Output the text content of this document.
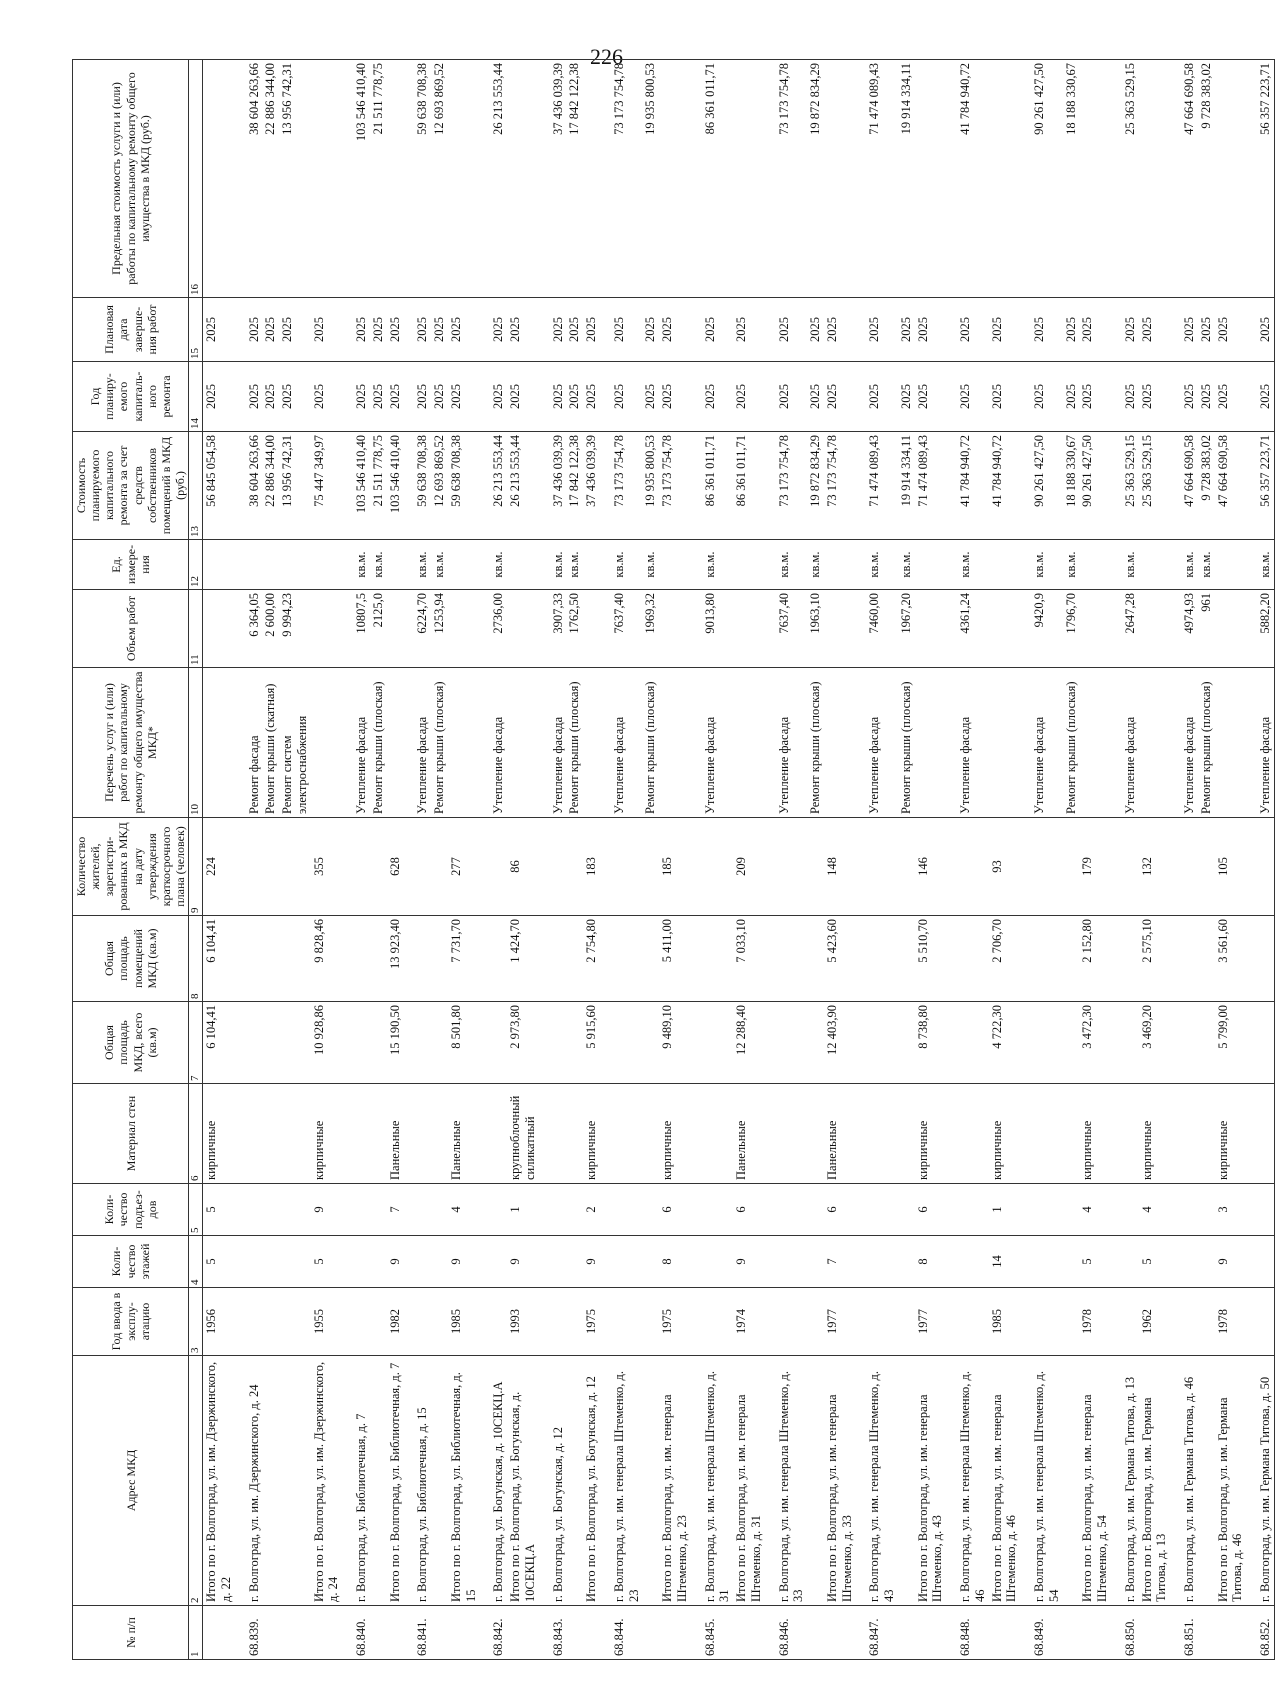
226
№ п/п	Адрес МКД	Год ввода в эксплу-атацию	Коли-чество этажей	Коли-чество подъез-дов	Материал стен	Общая площадь МКД, всего (кв.м)	Общая площадь помещений МКД (кв.м)	Количество жителей, зарегистри-рованных в МКД на дату утверждения краткосрочного плана (человек)	Перечень услуг и (или) работ по капитальному ремонту общего имущества МКД*	Объем работ	Ед. измере-ния	Стоимость планируемого капитального ремонта за счет средств собственников помещений в МКД (руб.)	Год планиру-емого капиталь-ного ремонта	Плановая дата заверше-ния работ	Предельная стоимость услуги и (или) работы по капитальному ремонту общего имущества в МКД (руб.)
1	2	3	4	5	6	7	8	9	10	11	12	13	14	15	16
	Итого по г. Волгоград, ул. им. Дзержинского, д. 22	1956	5	5	кирпичные	6 104,41	6 104,41	224				56 845 054,58	2025	2025	
68.839.	г. Волгоград, ул. им. Дзержинского, д. 24								Ремонт фасада	6 364,05		38 604 263,66	2025	2025	38 604 263,66
									Ремонт крыши (скатная)	2 600,00		22 886 344,00	2025	2025	22 886 344,00
									Ремонт систем электроснабжения	9 994,23		13 956 742,31	2025	2025	13 956 742,31
	Итого по г. Волгоград, ул. им. Дзержинского, д. 24	1955	5	9	кирпичные	10 928,86	9 828,46	355				75 447 349,97	2025	2025	
68.840.	г. Волгоград, ул. Библиотечная, д. 7								Утепление фасада	10807,5	кв.м.	103 546 410,40	2025	2025	103 546 410,40
									Ремонт крыши (плоская)	2125,0	кв.м.	21 511 778,75	2025	2025	21 511 778,75
	Итого по г. Волгоград, ул. Библиотечная, д. 7	1982	9	7	Панельные	15 190,50	13 923,40	628				103 546 410,40	2025	2025	
68.841.	г. Волгоград, ул. Библиотечная, д. 15								Утепление фасада	6224,70	кв.м.	59 638 708,38	2025	2025	59 638 708,38
									Ремонт крыши (плоская)	1253,94	кв.м.	12 693 869,52	2025	2025	12 693 869,52
	Итого по г. Волгоград, ул. Библиотечная, д. 15	1985	9	4	Панельные	8 501,80	7 731,70	277				59 638 708,38	2025	2025	
68.842.	г. Волгоград, ул. Богунская, д. 10СЕКЦ.А								Утепление фасада	2736,00	кв.м.	26 213 553,44	2025	2025	26 213 553,44
	Итого по г. Волгоград, ул. Богунская, д. 10СЕКЦ.А	1993	9	1	крупноблочный силикатный	2 973,80	1 424,70	86				26 213 553,44	2025	2025	
68.843.	г. Волгоград, ул. Богунская, д. 12								Утепление фасада	3907,33	кв.м.	37 436 039,39	2025	2025	37 436 039,39
									Ремонт крыши (плоская)	1762,50	кв.м.	17 842 122,38	2025	2025	17 842 122,38
	Итого по г. Волгоград, ул. Богунская, д. 12	1975	9	2	кирпичные	5 915,60	2 754,80	183				37 436 039,39	2025	2025	
68.844.	г. Волгоград, ул. им. генерала Штеменко, д. 23								Утепление фасада	7637,40	кв.м.	73 173 754,78	2025	2025	73 173 754,78
									Ремонт крыши (плоская)	1969,32	кв.м.	19 935 800,53	2025	2025	19 935 800,53
	Итого по г. Волгоград, ул. им. генерала Штеменко, д. 23	1975	8	6	кирпичные	9 489,10	5 411,00	185				73 173 754,78	2025	2025	
68.845.	г. Волгоград, ул. им. генерала Штеменко, д. 31								Утепление фасада	9013,80	кв.м.	86 361 011,71	2025	2025	86 361 011,71
	Итого по г. Волгоград, ул. им. генерала Штеменко, д. 31	1974	9	6	Панельные	12 288,40	7 033,10	209				86 361 011,71	2025	2025	
68.846.	г. Волгоград, ул. им. генерала Штеменко, д. 33								Утепление фасада	7637,40	кв.м.	73 173 754,78	2025	2025	73 173 754,78
									Ремонт крыши (плоская)	1963,10	кв.м.	19 872 834,29	2025	2025	19 872 834,29
	Итого по г. Волгоград, ул. им. генерала Штеменко, д. 33	1977	7	6	Панельные	12 403,90	5 423,60	148				73 173 754,78	2025	2025	
68.847.	г. Волгоград, ул. им. генерала Штеменко, д. 43								Утепление фасада	7460,00	кв.м.	71 474 089,43	2025	2025	71 474 089,43
									Ремонт крыши (плоская)	1967,20	кв.м.	19 914 334,11	2025	2025	19 914 334,11
	Итого по г. Волгоград, ул. им. генерала Штеменко, д. 43	1977	8	6	кирпичные	8 738,80	5 510,70	146				71 474 089,43	2025	2025	
68.848.	г. Волгоград, ул. им. генерала Штеменко, д. 46								Утепление фасада	4361,24	кв.м.	41 784 940,72	2025	2025	41 784 940,72
	Итого по г. Волгоград, ул. им. генерала Штеменко, д. 46	1985	14	1	кирпичные	4 722,30	2 706,70	93				41 784 940,72	2025	2025	
68.849.	г. Волгоград, ул. им. генерала Штеменко, д. 54								Утепление фасада	9420,9	кв.м.	90 261 427,50	2025	2025	90 261 427,50
									Ремонт крыши (плоская)	1796,70	кв.м.	18 188 330,67	2025	2025	18 188 330,67
	Итого по г. Волгоград, ул. им. генерала Штеменко, д. 54	1978	5	4	кирпичные	3 472,30	2 152,80	179				90 261 427,50	2025	2025	
68.850.	г. Волгоград, ул. им. Германа Титова, д. 13								Утепление фасада	2647,28	кв.м.	25 363 529,15	2025	2025	25 363 529,15
	Итого по г. Волгоград, ул. им. Германа Титова, д. 13	1962	5	4	кирпичные	3 469,20	2 575,10	132				25 363 529,15	2025	2025	
68.851.	г. Волгоград, ул. им. Германа Титова, д. 46								Утепление фасада	4974,93	кв.м.	47 664 690,58	2025	2025	47 664 690,58
									Ремонт крыши (плоская)	961	кв.м.	9 728 383,02	2025	2025	9 728 383,02
	Итого по г. Волгоград, ул. им. Германа Титова, д. 46	1978	9	3	кирпичные	5 799,00	3 561,60	105				47 664 690,58	2025	2025	
68.852.	г. Волгоград, ул. им. Германа Титова, д. 50								Утепление фасада	5882,20	кв.м.	56 357 223,71	2025	2025	56 357 223,71
